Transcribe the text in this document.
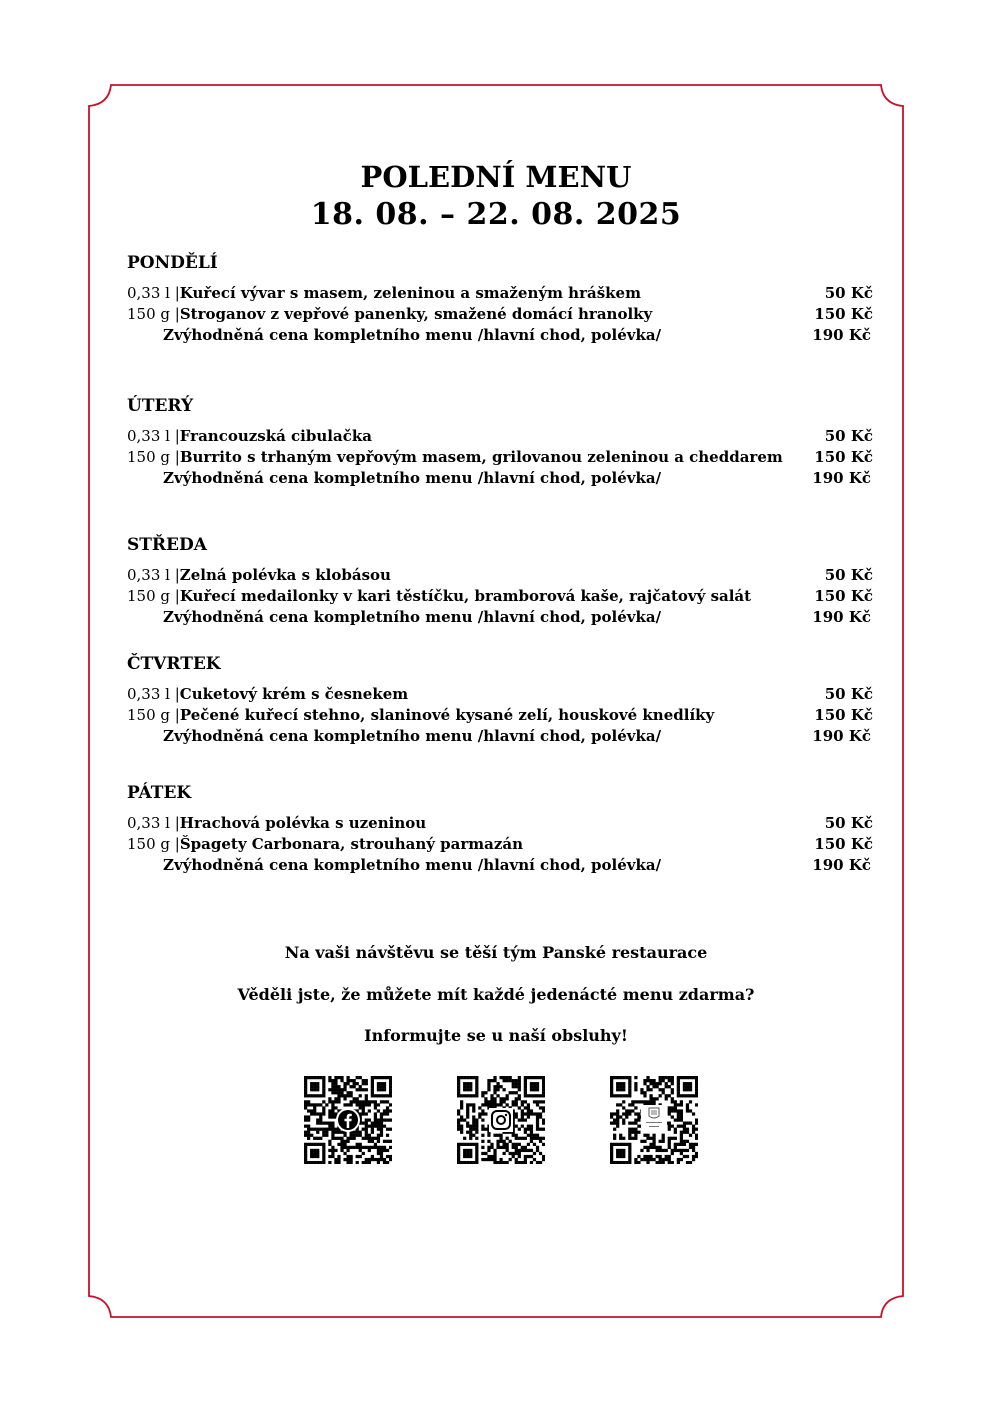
POLEDNÍ MENU
18. 08. – 22. 08. 2025
PONDĚLÍ
0,33 l | Kuřecí vývar s masem, zeleninou a smaženým hráškem	50 Kč
150 g | Stroganov z vepřové panenky, smažené domácí hranolky	150 Kč
Zvýhodněná cena kompletního menu /hlavní chod, polévka/	190 Kč
ÚTERÝ
0,33 l | Francouzská cibulačka	50 Kč
150 g | Burrito s trhaným vepřovým masem, grilovanou zeleninou a cheddarem	150 Kč
Zvýhodněná cena kompletního menu /hlavní chod, polévka/	190 Kč
STŘEDA
0,33 l | Zelná polévka s klobásou	50 Kč
150 g | Kuřecí medailonky v kari těstíčku, bramborová kaše, rajčatový salát	150 Kč
Zvýhodněná cena kompletního menu /hlavní chod, polévka/	190 Kč
ČTVRTEK
0,33 l | Cuketový krém s česnekem	50 Kč
150 g | Pečené kuřecí stehno, slaninové kysané zelí, houskové knedlíky	150 Kč
Zvýhodněná cena kompletního menu /hlavní chod, polévka/	190 Kč
PÁTEK
0,33 l | Hrachová polévka s uzeninou	50 Kč
150 g | Špagety Carbonara, strouhaný parmazán	150 Kč
Zvýhodněná cena kompletního menu /hlavní chod, polévka/	190 Kč
Na vaši návštěvu se těší tým Panské restaurace
Věděli jste, že můžete mít každé jedenácté menu zdarma?
Informujte se u naší obsluhy!
